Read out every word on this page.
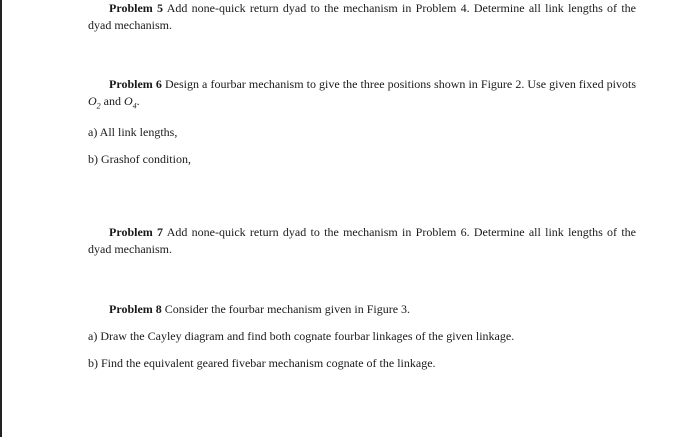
Problem 5 Add none-quick return dyad to the mechanism in Problem 4. Determine all link lengths of the dyad mechanism.

Problem 6 Design a fourbar mechanism to give the three positions shown in Figure 2. Use given fixed pivots $O_2$ and $O_4$.

a) All link lengths,

b) Grashof condition,

Problem 7 Add none-quick return dyad to the mechanism in Problem 6. Determine all link lengths of the dyad mechanism.

Problem 8 Consider the fourbar mechanism given in Figure 3.

a) Draw the Cayley diagram and find both cognate fourbar linkages of the given linkage.

b) Find the equivalent geared fivebar mechanism cognate of the linkage.
